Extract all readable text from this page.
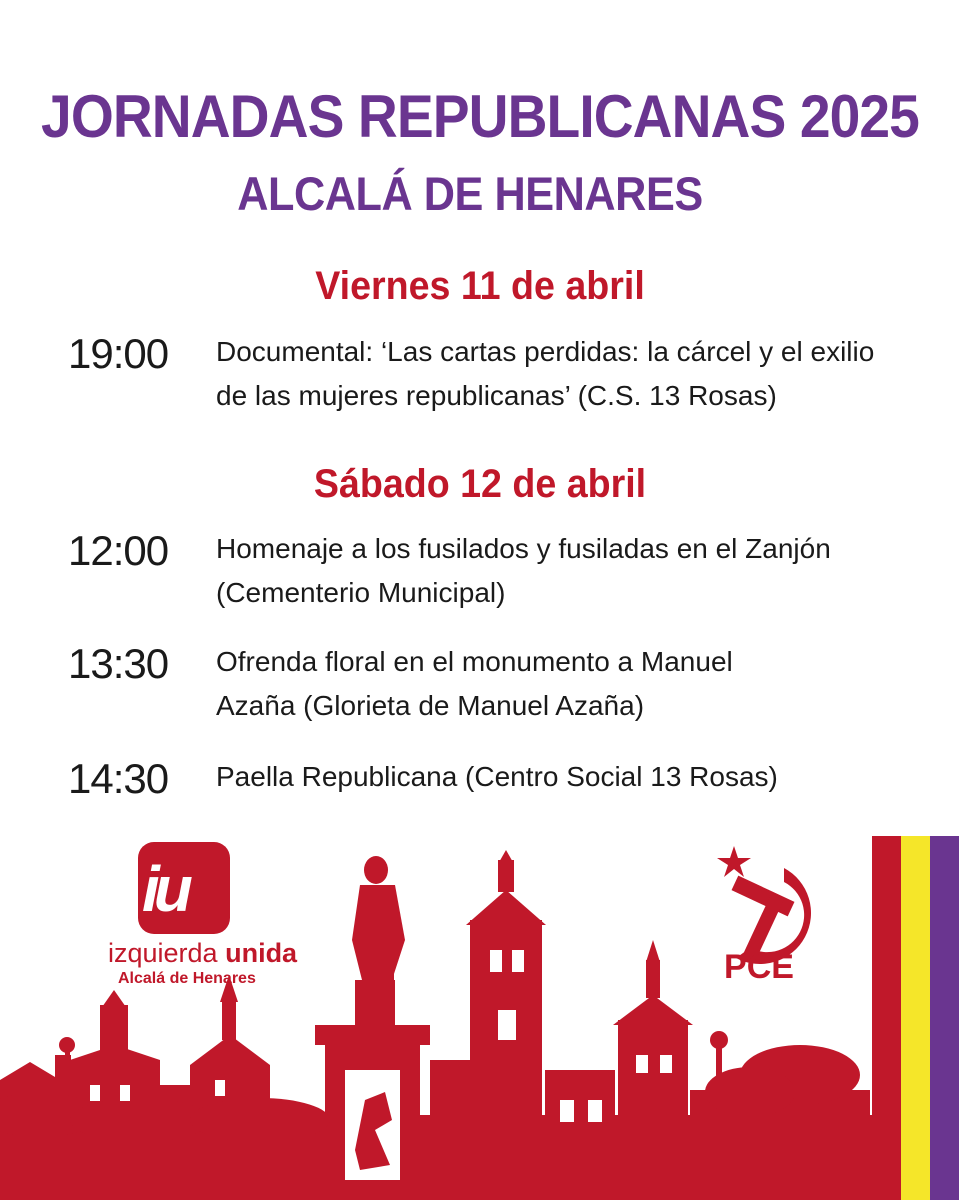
JORNADAS REPUBLICANAS 2025
ALCALÁ DE HENARES
Viernes 11 de abril
19:00 Documental: ‘Las cartas perdidas: la cárcel y el exilio
de las mujeres republicanas’ (C.S. 13 Rosas)
Sábado 12 de abril
12:00 Homenaje a los fusilados y fusiladas en el Zanjón
(Cementerio Municipal)
13:30 Ofrenda floral en el monumento a Manuel
Azaña (Glorieta de Manuel Azaña)
14:30 Paella Republicana (Centro Social 13 Rosas)
iu
izquierda unida
Alcalá de Henares	PCE
